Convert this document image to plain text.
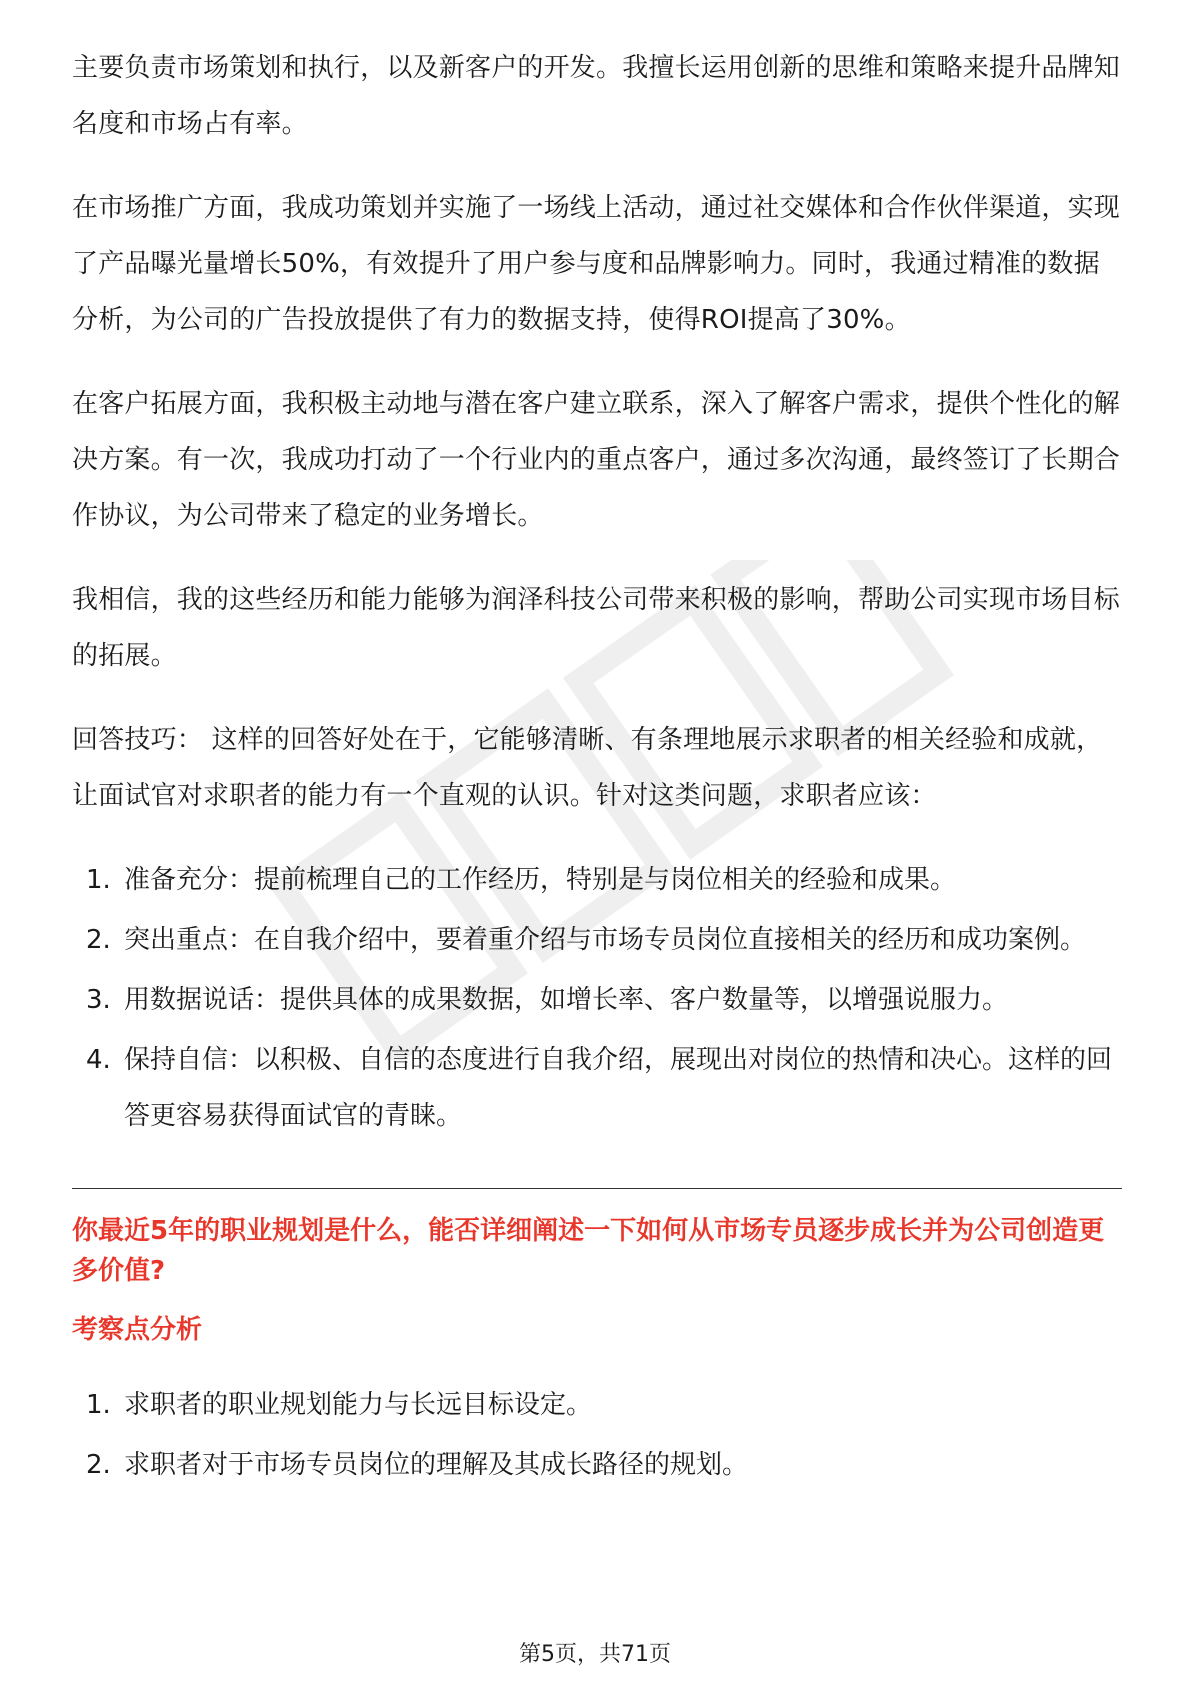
主要负责市场策划和执行，以及新客户的开发。我擅长运用创新的思维和策略来提升品牌知名度和市场占有率。

在市场推广方面，我成功策划并实施了一场线上活动，通过社交媒体和合作伙伴渠道，实现了产品曝光量增长50%，有效提升了用户参与度和品牌影响力。同时，我通过精准的数据分析，为公司的广告投放提供了有力的数据支持，使得ROI提高了30%。

在客户拓展方面，我积极主动地与潜在客户建立联系，深入了解客户需求，提供个性化的解决方案。有一次，我成功打动了一个行业内的重点客户，通过多次沟通，最终签订了长期合作协议，为公司带来了稳定的业务增长。

我相信，我的这些经历和能力能够为润泽科技公司带来积极的影响，帮助公司实现市场目标的拓展。

回答技巧： 这样的回答好处在于，它能够清晰、有条理地展示求职者的相关经验和成就，让面试官对求职者的能力有一个直观的认识。针对这类问题，求职者应该：

1. 准备充分：提前梳理自己的工作经历，特别是与岗位相关的经验和成果。
2. 突出重点：在自我介绍中，要着重介绍与市场专员岗位直接相关的经历和成功案例。
3. 用数据说话：提供具体的成果数据，如增长率、客户数量等，以增强说服力。
4. 保持自信：以积极、自信的态度进行自我介绍，展现出对岗位的热情和决心。这样的回答更容易获得面试官的青睐。
你最近5年的职业规划是什么，能否详细阐述一下如何从市场专员逐步成长并为公司创造更多价值?
考察点分析
1. 求职者的职业规划能力与长远目标设定。
2. 求职者对于市场专员岗位的理解及其成长路径的规划。
第5页，共71页
